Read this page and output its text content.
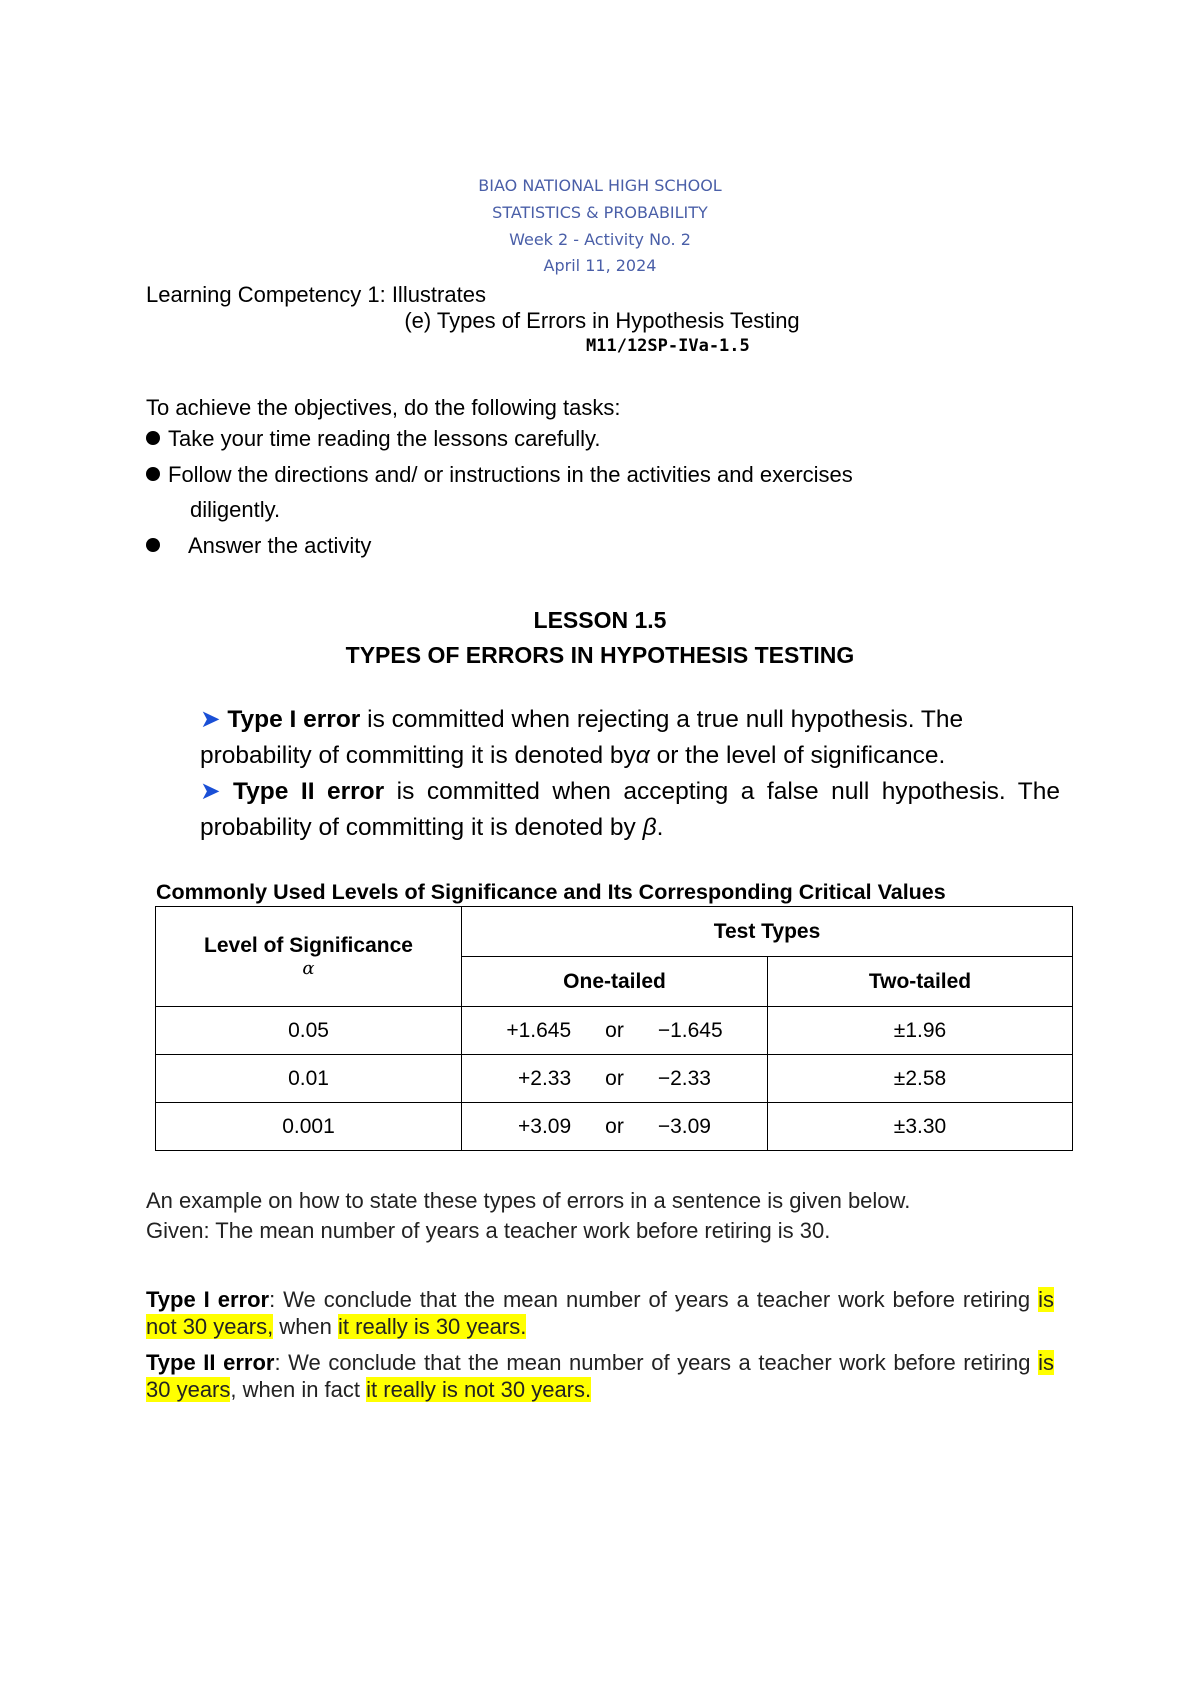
BIAO NATIONAL HIGH SCHOOL
STATISTICS & PROBABILITY
Week 2 - Activity No. 2
April 11, 2024
Learning Competency 1: Illustrates
(e) Types of Errors in Hypothesis Testing
M11/12SP-IVa-1.5
To achieve the objectives, do the following tasks:
Take your time reading the lessons carefully.
Follow the directions and/ or instructions in the activities and exercises
diligently.
Answer the activity
LESSON 1.5
TYPES OF ERRORS IN HYPOTHESIS TESTING
➤ Type I error is committed when rejecting a true null hypothesis. The probability of committing it is denoted byα or the level of significance.
➤ Type II error is committed when accepting a false null hypothesis. The probability of committing it is denoted by β.
Commonly Used Levels of Significance and Its Corresponding Critical Values
Level of Significance
α	Test Types	
	One-tailed	Two-tailed
0.05	+1.645 or −1.645	±1.96
0.01	+2.33 or −2.33	±2.58
0.001	+3.09 or −3.09	±3.30
An example on how to state these types of errors in a sentence is given below.
Given: The mean number of years a teacher work before retiring is 30.
Type I error: We conclude that the mean number of years a teacher work before retiring is not 30 years, when it really is 30 years.
Type II error: We conclude that the mean number of years a teacher work before retiring is 30 years, when in fact it really is not 30 years.
